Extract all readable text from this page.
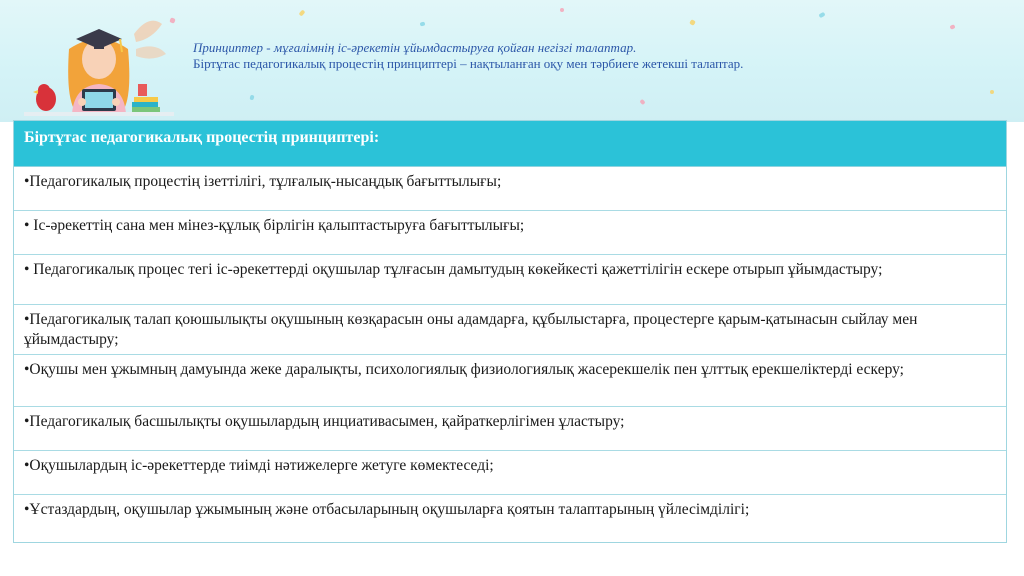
Принциптер - мұғалімнің іс-әрекетін ұйымдастыруға қойған негізгі талаптар.
Біртұтас педагогикалық процестің принциптері – нақтыланған оқу мен тәрбиеге жетекші талаптар.
Біртұтас педагогикалық процестің принциптері:
•Педагогикалық процестің ізеттілігі, тұлғалық-нысаңдық бағыттылығы;
• Іс-әрекеттің сана мен мінез-құлық бірлігін қалыптастыруға бағыттылығы;
• Педагогикалық процес тегі іс-әрекеттерді оқушылар тұлғасын дамытудың көкейкесті қажеттілігін ескере отырып ұйымдастыру;
•Педагогикалық талап қоюшылықты оқушының көзқарасын оны адамдарға, құбылыстарға, процестерге қарым-қатынасын сыйлау мен ұйымдастыру;
•Оқушы мен ұжымның дамуында жеке даралықты, психологиялық физиологиялық жасерекшелік пен ұлттық ерекшеліктерді ескеру;
•Педагогикалық басшылықты оқушылардың инциативасымен, қайраткерлігімен ұластыру;
•Оқушылардың іс-әрекеттерде тиімді нәтижелерге жетуге көмектеседі;
•Ұстаздардың, оқушылар ұжымының және отбасыларының оқушыларға қоятын талаптарының үйлесімділігі;
